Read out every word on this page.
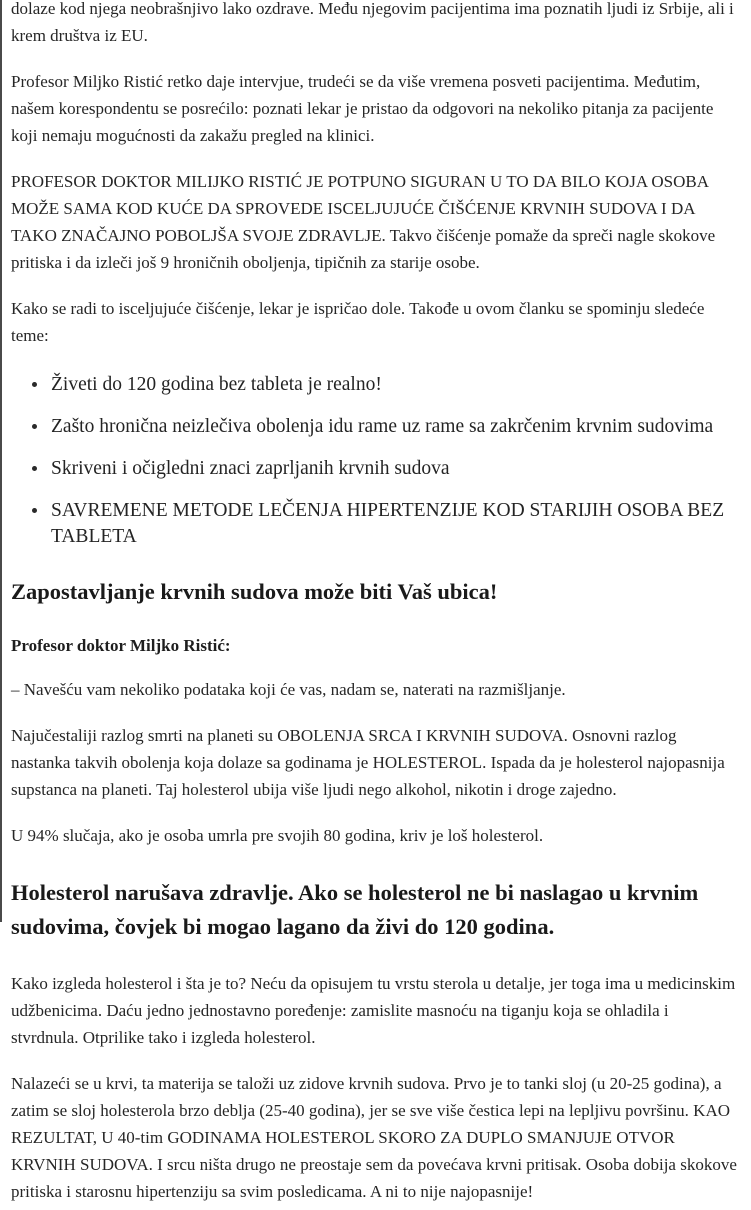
dolaze kod njega neobrašnjivo lako ozdrave. Među njegovim pacijentima ima poznatih ljudi iz Srbije, ali i krem društva iz EU.

Profesor Miljko Ristić retko daje intervjue, trudeći se da više vremena posveti pacijentima. Međutim, našem korespondentu se posrećilo: poznati lekar je pristao da odgovori na nekoliko pitanja za pacijente koji nemaju mogućnosti da zakažu pregled na klinici.

PROFESOR DOKTOR MILIJKO RISTIĆ JE POTPUNO SIGURAN U TO DA BILO KOJA OSOBA MOŽE SAMA KOD KUĆE DA SPROVEDE ISCELJUJUĆE ČIŠĆENJE KRVNIH SUDOVA I DA TAKO ZNAČAJNO POBOLJŠA SVOJE ZDRAVLJE. Takvo čišćenje pomaže da spreči nagle skokove pritiska i da izleči još 9 hroničnih oboljenja, tipičnih za starije osobe.

Kako se radi to isceljujuće čišćenje, lekar je ispričao dole. Takođe u ovom članku se spominju sledeće teme:

Živeti do 120 godina bez tableta je realno!
Zašto hronična neizlečiva obolenja idu rame uz rame sa zakrčenim krvnim sudovima
Skriveni i očigledni znaci zaprljanih krvnih sudova
SAVREMENE METODE LEČENJA HIPERTENZIJE KOD STARIJIH OSOBA BEZ TABLETA
Zapostavljanje krvnih sudova može biti Vaš ubica!

Profesor doktor Miljko Ristić:

– Navešću vam nekoliko podataka koji će vas, nadam se, naterati na razmišljanje.

Najučestaliji razlog smrti na planeti su OBOLENJA SRCA I KRVNIH SUDOVA. Osnovni razlog nastanka takvih obolenja koja dolaze sa godinama je HOLESTEROL. Ispada da je holesterol najopasnija supstanca na planeti. Taj holesterol ubija više ljudi nego alkohol, nikotin i droge zajedno.

U 94% slučaja, ako je osoba umrla pre svojih 80 godina, kriv je loš holesterol.

Holesterol narušava zdravlje. Ako se holesterol ne bi naslagao u krvnim sudovima, čovjek bi mogao lagano da živi do 120 godina.

Kako izgleda holesterol i šta je to? Neću da opisujem tu vrstu sterola u detalje, jer toga ima u medicinskim udžbenicima. Daću jedno jednostavno poređenje: zamislite masnoću na tiganju koja se ohladila i stvrdnula. Otprilike tako i izgleda holesterol.

Nalazeći se u krvi, ta materija se taloži uz zidove krvnih sudova. Prvo je to tanki sloj (u 20-25 godina), a zatim se sloj holesterola brzo deblja (25-40 godina), jer se sve više čestica lepi na lepljivu površinu. KAO REZULTAT, U 40-tim GODINAMA HOLESTEROL SKORO ZA DUPLO SMANJUJE OTVOR KRVNIH SUDOVA. I srcu ništa drugo ne preostaje sem da povećava krvni pritisak. Osoba dobija skokove pritiska i starosnu hipertenziju sa svim posledicama. A ni to nije najopasnije!
